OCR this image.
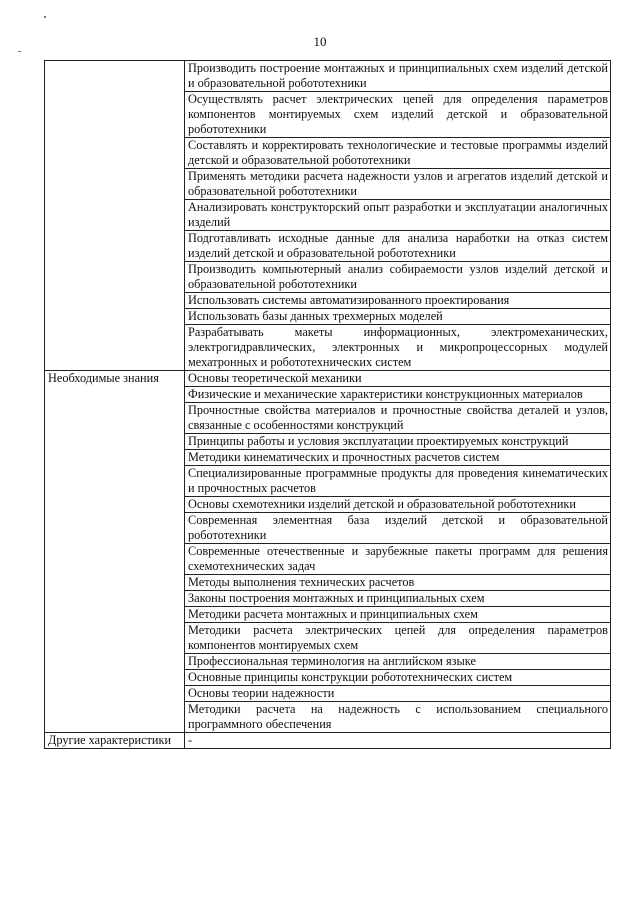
10
	Производить построение монтажных и принципиальных схем изделий детской и образовательной робототехники
	Осуществлять расчет электрических цепей для определения параметров компонентов монтируемых схем изделий детской и образовательной робототехники
	Составлять и корректировать технологические и тестовые программы изделий детской и образовательной робототехники
	Применять методики расчета надежности узлов и агрегатов изделий детской и образовательной робототехники
	Анализировать конструкторский опыт разработки и эксплуатации аналогичных изделий
	Подготавливать исходные данные для анализа наработки на отказ систем изделий детской и образовательной робототехники
	Производить компьютерный анализ собираемости узлов изделий детской и образовательной робототехники
	Использовать системы автоматизированного проектирования
	Использовать базы данных трехмерных моделей
	Разрабатывать макеты информационных, электромеханических, электрогидравлических, электронных и микропроцессорных модулей мехатронных и робототехнических систем
Необходимые знания	Основы теоретической механики
	Физические и механические характеристики конструкционных материалов
	Прочностные свойства материалов и прочностные свойства деталей и узлов, связанные с особенностями конструкций
	Принципы работы и условия эксплуатации проектируемых конструкций
	Методики кинематических и прочностных расчетов систем
	Специализированные программные продукты для проведения кинематических и прочностных расчетов
	Основы схемотехники изделий детской и образовательной робототехники
	Современная элементная база изделий детской и образовательной робототехники
	Современные отечественные и зарубежные пакеты программ для решения схемотехнических задач
	Методы выполнения технических расчетов
	Законы построения монтажных и принципиальных схем
	Методики расчета монтажных и принципиальных схем
	Методики расчета электрических цепей для определения параметров компонентов монтируемых схем
	Профессиональная терминология на английском языке
	Основные принципы конструкции робототехнических систем
	Основы теории надежности
	Методики расчета на надежность с использованием специального программного обеспечения
Другие характеристики	-
